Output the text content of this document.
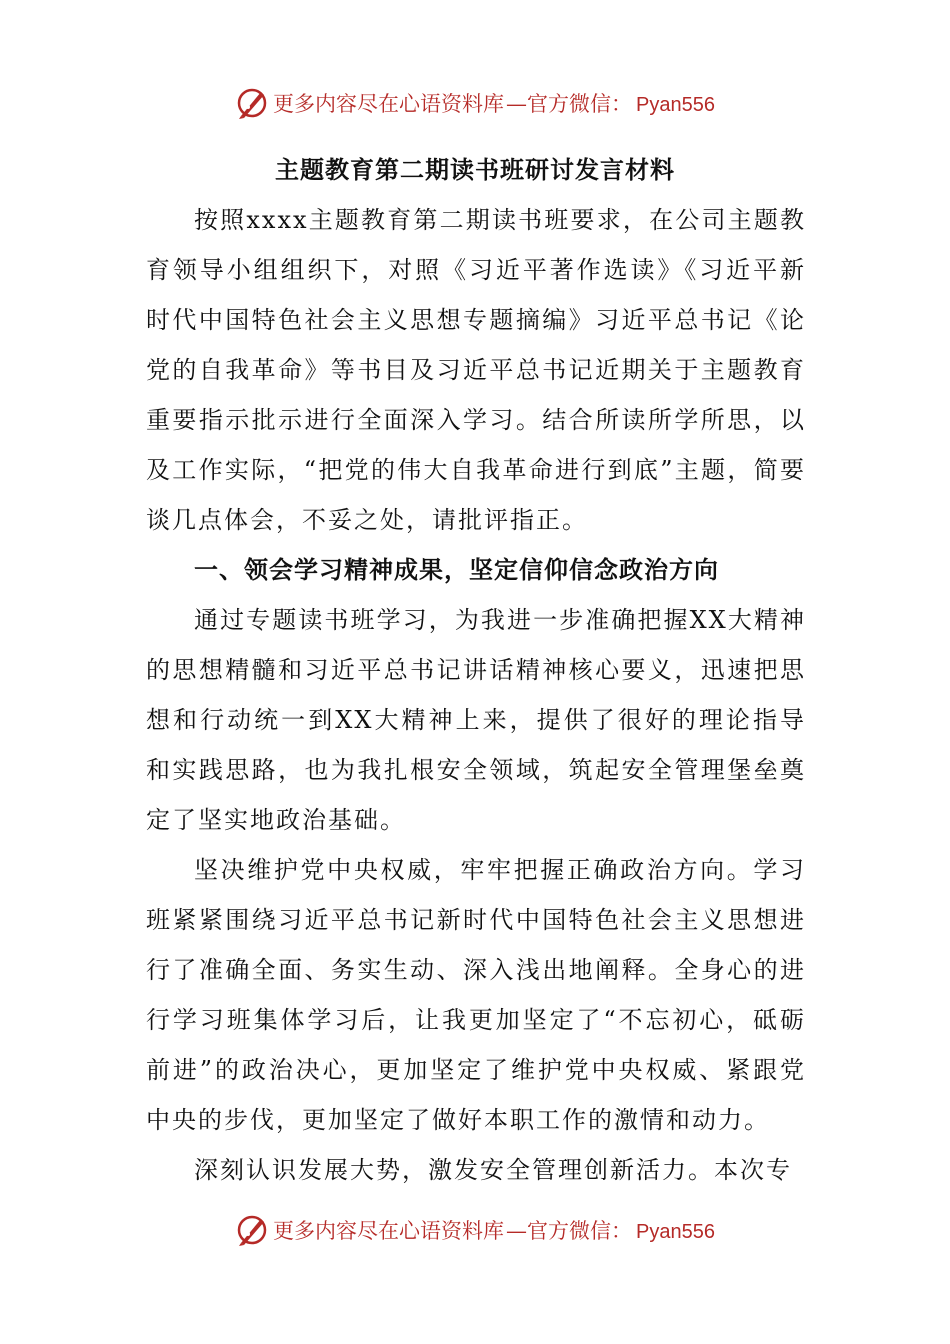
更多内容尽在心语资料库 —官方微信： Pyan556
主题教育第二期读书班研讨发言材料

按照xxxx主题教育第二期读书班要求，在公司主题教育领导小组组织下，对照《习近平著作选读》《习近平新时代中国特色社会主义思想专题摘编》习近平总书记《论党的自我革命》等书目及习近平总书记近期关于主题教育重要指示批示进行全面深入学习。结合所读所学所思，以及工作实际，“把党的伟大自我革命进行到底”主题，简要谈几点体会，不妥之处，请批评指正。

一、领会学习精神成果，坚定信仰信念政治方向

通过专题读书班学习，为我进一步准确把握XX大精神的思想精髓和习近平总书记讲话精神核心要义，迅速把思想和行动统一到XX大精神上来，提供了很好的理论指导和实践思路，也为我扎根安全领域，筑起安全管理堡垒奠定了坚实地政治基础。

坚决维护党中央权威，牢牢把握正确政治方向。学习班紧紧围绕习近平总书记新时代中国特色社会主义思想进行了准确全面、务实生动、深入浅出地阐释。全身心的进行学习班集体学习后，让我更加坚定了“不忘初心，砥砺前进”的政治决心，更加坚定了维护党中央权威、紧跟党中央的步伐，更加坚定了做好本职工作的激情和动力。

深刻认识发展大势，激发安全管理创新活力。本次专

更多内容尽在心语资料库 —官方微信： Pyan556
